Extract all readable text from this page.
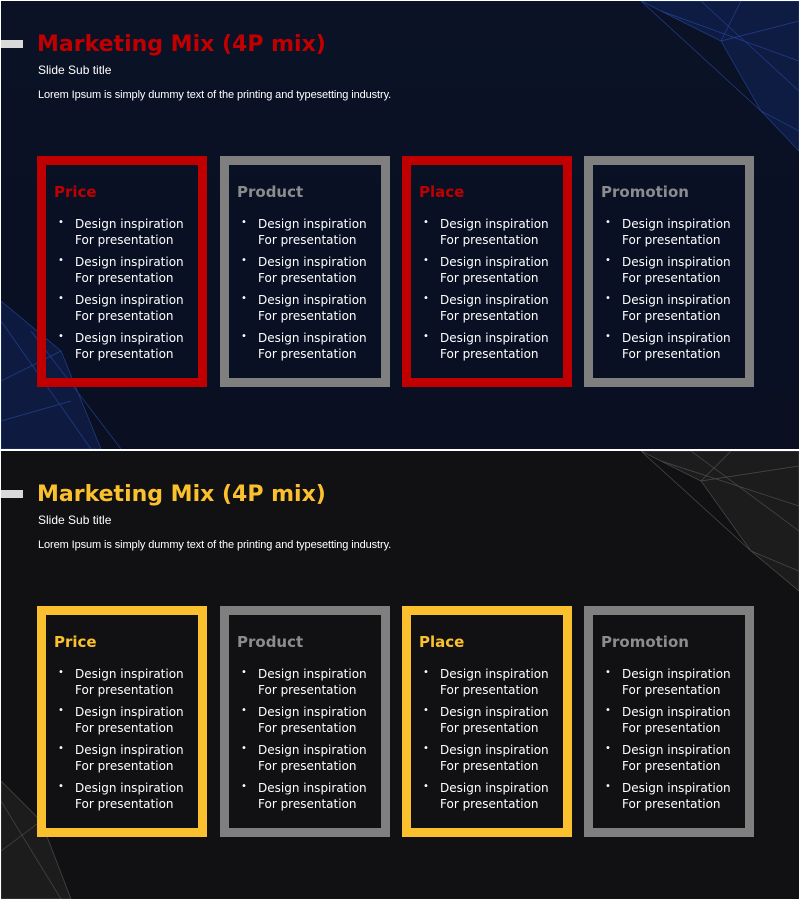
Marketing Mix (4P mix)
Slide Sub title
Lorem Ipsum is simply dummy text of the printing and typesetting industry.
Price
• Design inspiration
For presentation
• Design inspiration
For presentation
• Design inspiration
For presentation
• Design inspiration
For presentation
Product
• Design inspiration
For presentation
• Design inspiration
For presentation
• Design inspiration
For presentation
• Design inspiration
For presentation
Place
• Design inspiration
For presentation
• Design inspiration
For presentation
• Design inspiration
For presentation
• Design inspiration
For presentation
Promotion
• Design inspiration
For presentation
• Design inspiration
For presentation
• Design inspiration
For presentation
• Design inspiration
For presentation
Marketing Mix (4P mix)
Slide Sub title
Lorem Ipsum is simply dummy text of the printing and typesetting industry.
Price
• Design inspiration
For presentation
• Design inspiration
For presentation
• Design inspiration
For presentation
• Design inspiration
For presentation
Product
• Design inspiration
For presentation
• Design inspiration
For presentation
• Design inspiration
For presentation
• Design inspiration
For presentation
Place
• Design inspiration
For presentation
• Design inspiration
For presentation
• Design inspiration
For presentation
• Design inspiration
For presentation
Promotion
• Design inspiration
For presentation
• Design inspiration
For presentation
• Design inspiration
For presentation
• Design inspiration
For presentation
